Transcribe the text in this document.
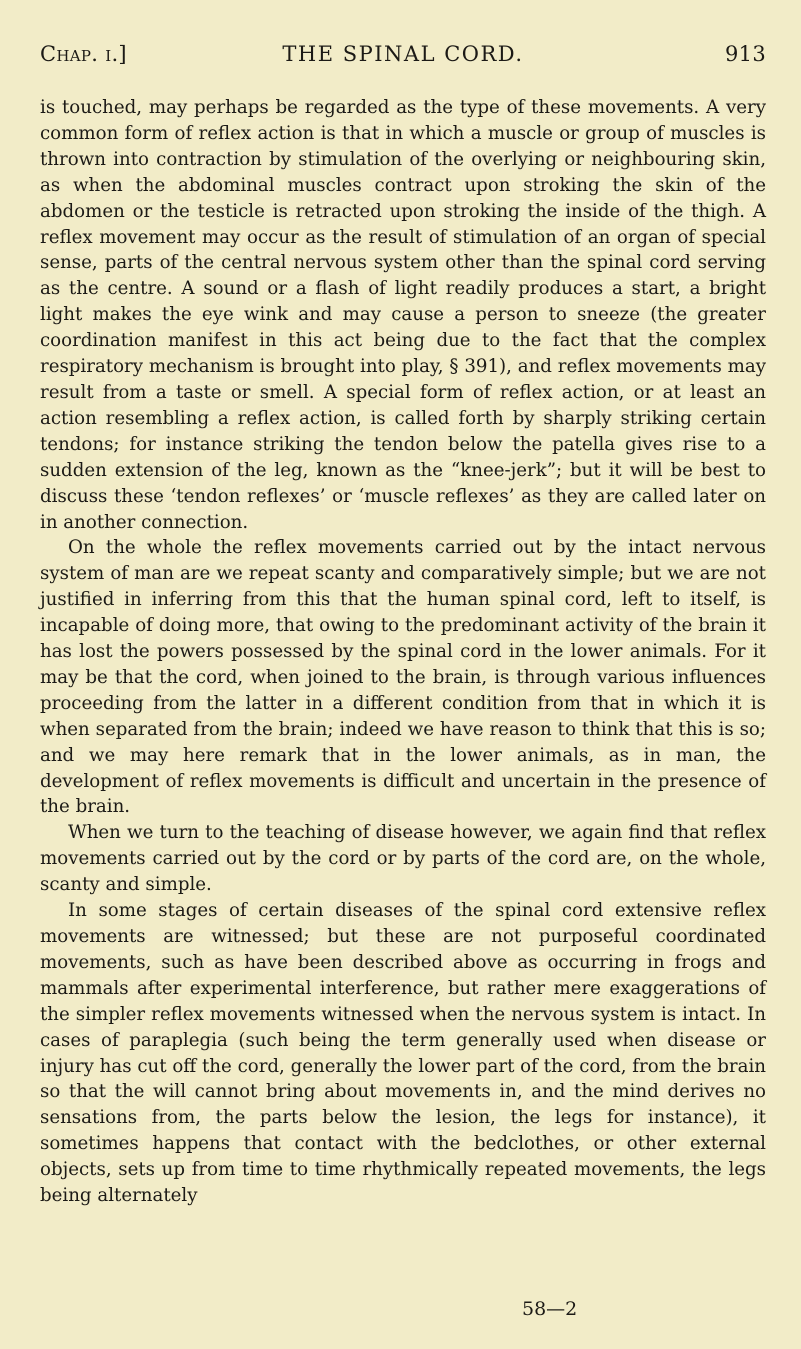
Chap. i.]	THE SPINAL CORD.	913

is touched, may perhaps be regarded as the type of these movements. A very common form of reflex action is that in which a muscle or group of muscles is thrown into contraction by stimulation of the overlying or neighbouring skin, as when the abdominal muscles contract upon stroking the skin of the abdomen or the testicle is retracted upon stroking the inside of the thigh. A reflex movement may occur as the result of stimulation of an organ of special sense, parts of the central nervous system other than the spinal cord serving as the centre. A sound or a flash of light readily produces a start, a bright light makes the eye wink and may cause a person to sneeze (the greater coordination manifest in this act being due to the fact that the complex respiratory mechanism is brought into play, § 391), and reflex movements may result from a taste or smell. A special form of reflex action, or at least an action resembling a reflex action, is called forth by sharply striking certain tendons; for instance striking the tendon below the patella gives rise to a sudden extension of the leg, known as the “knee-jerk”; but it will be best to discuss these ‘tendon reflexes’ or ‘muscle reflexes’ as they are called later on in another connection.

On the whole the reflex movements carried out by the intact nervous system of man are we repeat scanty and comparatively simple; but we are not justified in inferring from this that the human spinal cord, left to itself, is incapable of doing more, that owing to the predominant activity of the brain it has lost the powers possessed by the spinal cord in the lower animals. For it may be that the cord, when joined to the brain, is through various influences proceeding from the latter in a different condition from that in which it is when separated from the brain; indeed we have reason to think that this is so; and we may here remark that in the lower animals, as in man, the development of reflex movements is difficult and uncertain in the presence of the brain.

When we turn to the teaching of disease however, we again find that reflex movements carried out by the cord or by parts of the cord are, on the whole, scanty and simple.

In some stages of certain diseases of the spinal cord extensive reflex movements are witnessed; but these are not purposeful coordinated movements, such as have been described above as occurring in frogs and mammals after experimental interference, but rather mere exaggerations of the simpler reflex movements witnessed when the nervous system is intact. In cases of paraplegia (such being the term generally used when disease or injury has cut off the cord, generally the lower part of the cord, from the brain so that the will cannot bring about movements in, and the mind derives no sensations from, the parts below the lesion, the legs for instance), it sometimes happens that contact with the bedclothes, or other external objects, sets up from time to time rhythmically repeated movements, the legs being alternately

58—2
